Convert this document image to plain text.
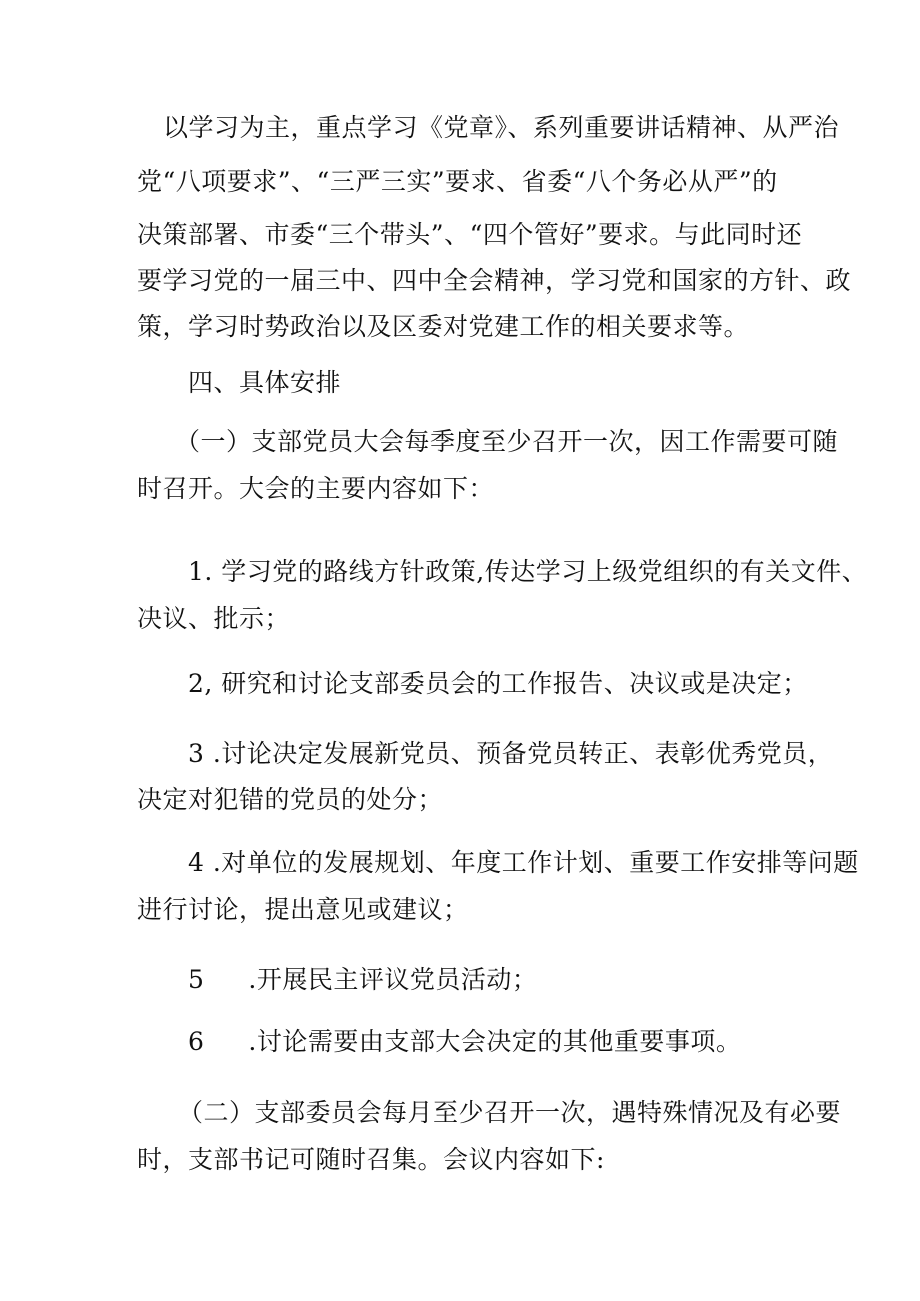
以学习为主，重点学习《党章》、系列重要讲话精神、从严治
党“八项要求”、“三严三实”要求、省委“八个务必从严”的
决策部署、市委“三个带头”、“四个管好”要求。与此同时还
要学习党的一届三中、四中全会精神，学习党和国家的方针、政
策，学习时势政治以及区委对党建工作的相关要求等。
四、具体安排
（一）支部党员大会每季度至少召开一次，因工作需要可随
时召开。大会的主要内容如下：
1. 学习党的路线方针政策,传达学习上级党组织的有关文件、
决议、批示；
2, 研究和讨论支部委员会的工作报告、决议或是决定；
3 .讨论决定发展新党员、预备党员转正、表彰优秀党员，
决定对犯错的党员的处分；
4 .对单位的发展规划、年度工作计划、重要工作安排等问题
进行讨论，提出意见或建议；
5 .开展民主评议党员活动；
6 .讨论需要由支部大会决定的其他重要事项。
（二）支部委员会每月至少召开一次，遇特殊情况及有必要
时，支部书记可随时召集。会议内容如下:
